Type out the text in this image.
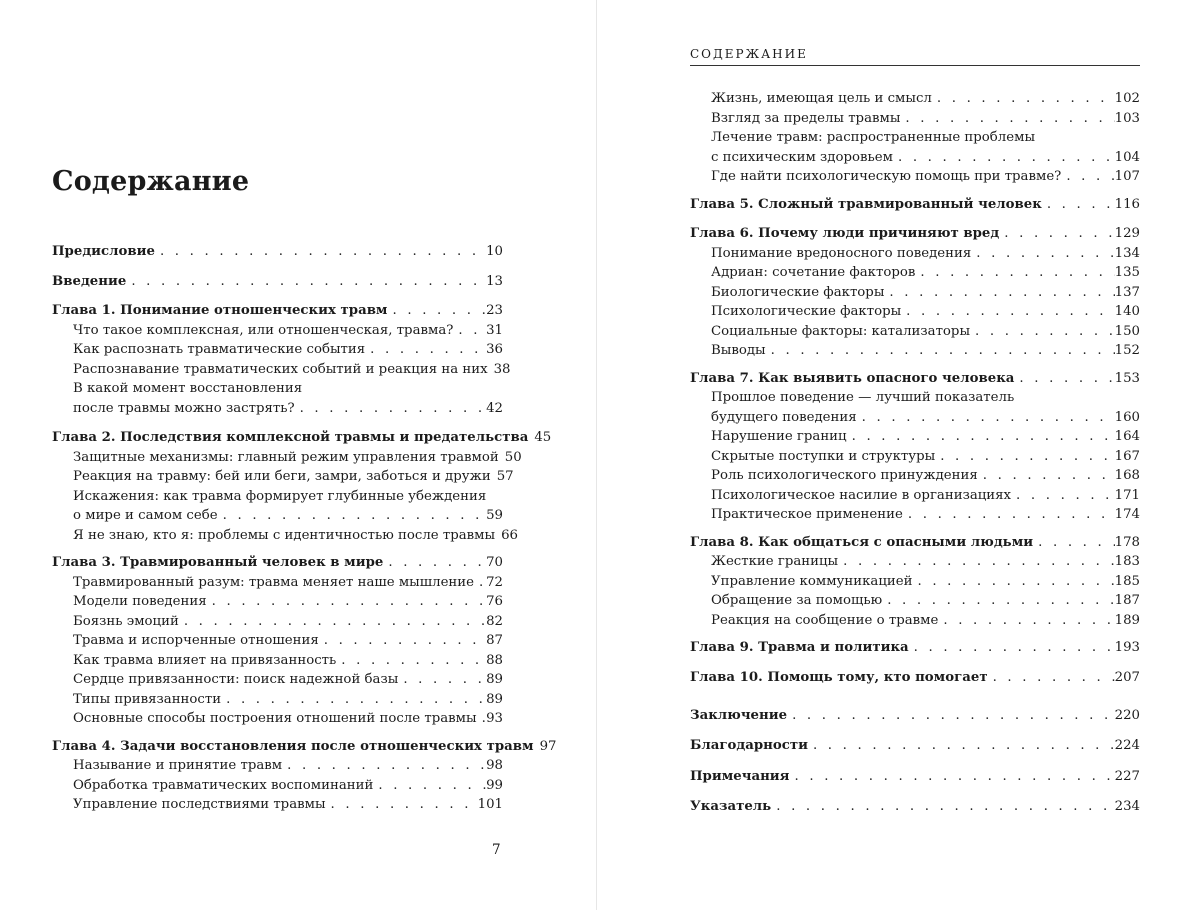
Содержание
Предисловие . . .	10
Введение . . .	13
Глава 1. Понимание отношенческих травм . . .	23
Что такое комплексная, или отношенческая, травма? . . . 31
Как распознать травматические события . . .	36
Распознавание травматических событий и реакция на них . . . 38
В какой момент восстановления
после травмы можно застрять? . . .	42
Глава 2. Последствия комплексной травмы и предательства . . . 45
Защитные механизмы: главный режим управления травмой . . . 50
Реакция на травму: бей или беги, замри, заботься и дружи . . . 57
Искажения: как травма формирует глубинные убеждения
о мире и самом себе . . .	59
Я не знаю, кто я: проблемы с идентичностью после травмы . . . 66
Глава 3. Травмированный человек в мире . . .	70
Травмированный разум: травма меняет наше мышление . . . 72
Модели поведения . . .	76
Боязнь эмоций . . .	82
Травма и испорченные отношения . . .	87
Как травма влияет на привязанность . . .	88
Сердце привязанности: поиск надежной базы . . .	89
Типы привязанности . . .	89
Основные способы построения отношений после травмы . . . 93
Глава 4. Задачи восстановления после отношенческих травм . . . 97
Называние и принятие травм . . .	98
Обработка травматических воспоминаний . . .	99
Управление последствиями травмы . . .	101
7
СОДЕРЖАНИЕ
Жизнь, имеющая цель и смысл . . .	102
Взгляд за пределы травмы . . .	103
Лечение травм: распространенные проблемы
с психическим здоровьем . . .	104
Где найти психологическую помощь при травме? . . .	107
Глава 5. Сложный травмированный человек . . .	116
Глава 6. Почему люди причиняют вред . . .	129
Понимание вредоносного поведения . . .	134
Адриан: сочетание факторов . . .	135
Биологические факторы . . .	137
Психологические факторы . . .	140
Социальные факторы: катализаторы . . .	150
Выводы . . .	152
Глава 7. Как выявить опасного человека . . .	153
Прошлое поведение — лучший показатель
будущего поведения . . .	160
Нарушение границ . . .	164
Скрытые поступки и структуры . . .	167
Роль психологического принуждения . . .	168
Психологическое насилие в организациях . . .	171
Практическое применение . . .	174
Глава 8. Как общаться с опасными людьми . . .	178
Жесткие границы . . .	183
Управление коммуникацией . . .	185
Обращение за помощью . . .	187
Реакция на сообщение о травме . . .	189
Глава 9. Травма и политика . . .	193
Глава 10. Помощь тому, кто помогает . . .	207
Заключение . . .	220
Благодарности . . .	224
Примечания . . .	227
Указатель . . .	234
